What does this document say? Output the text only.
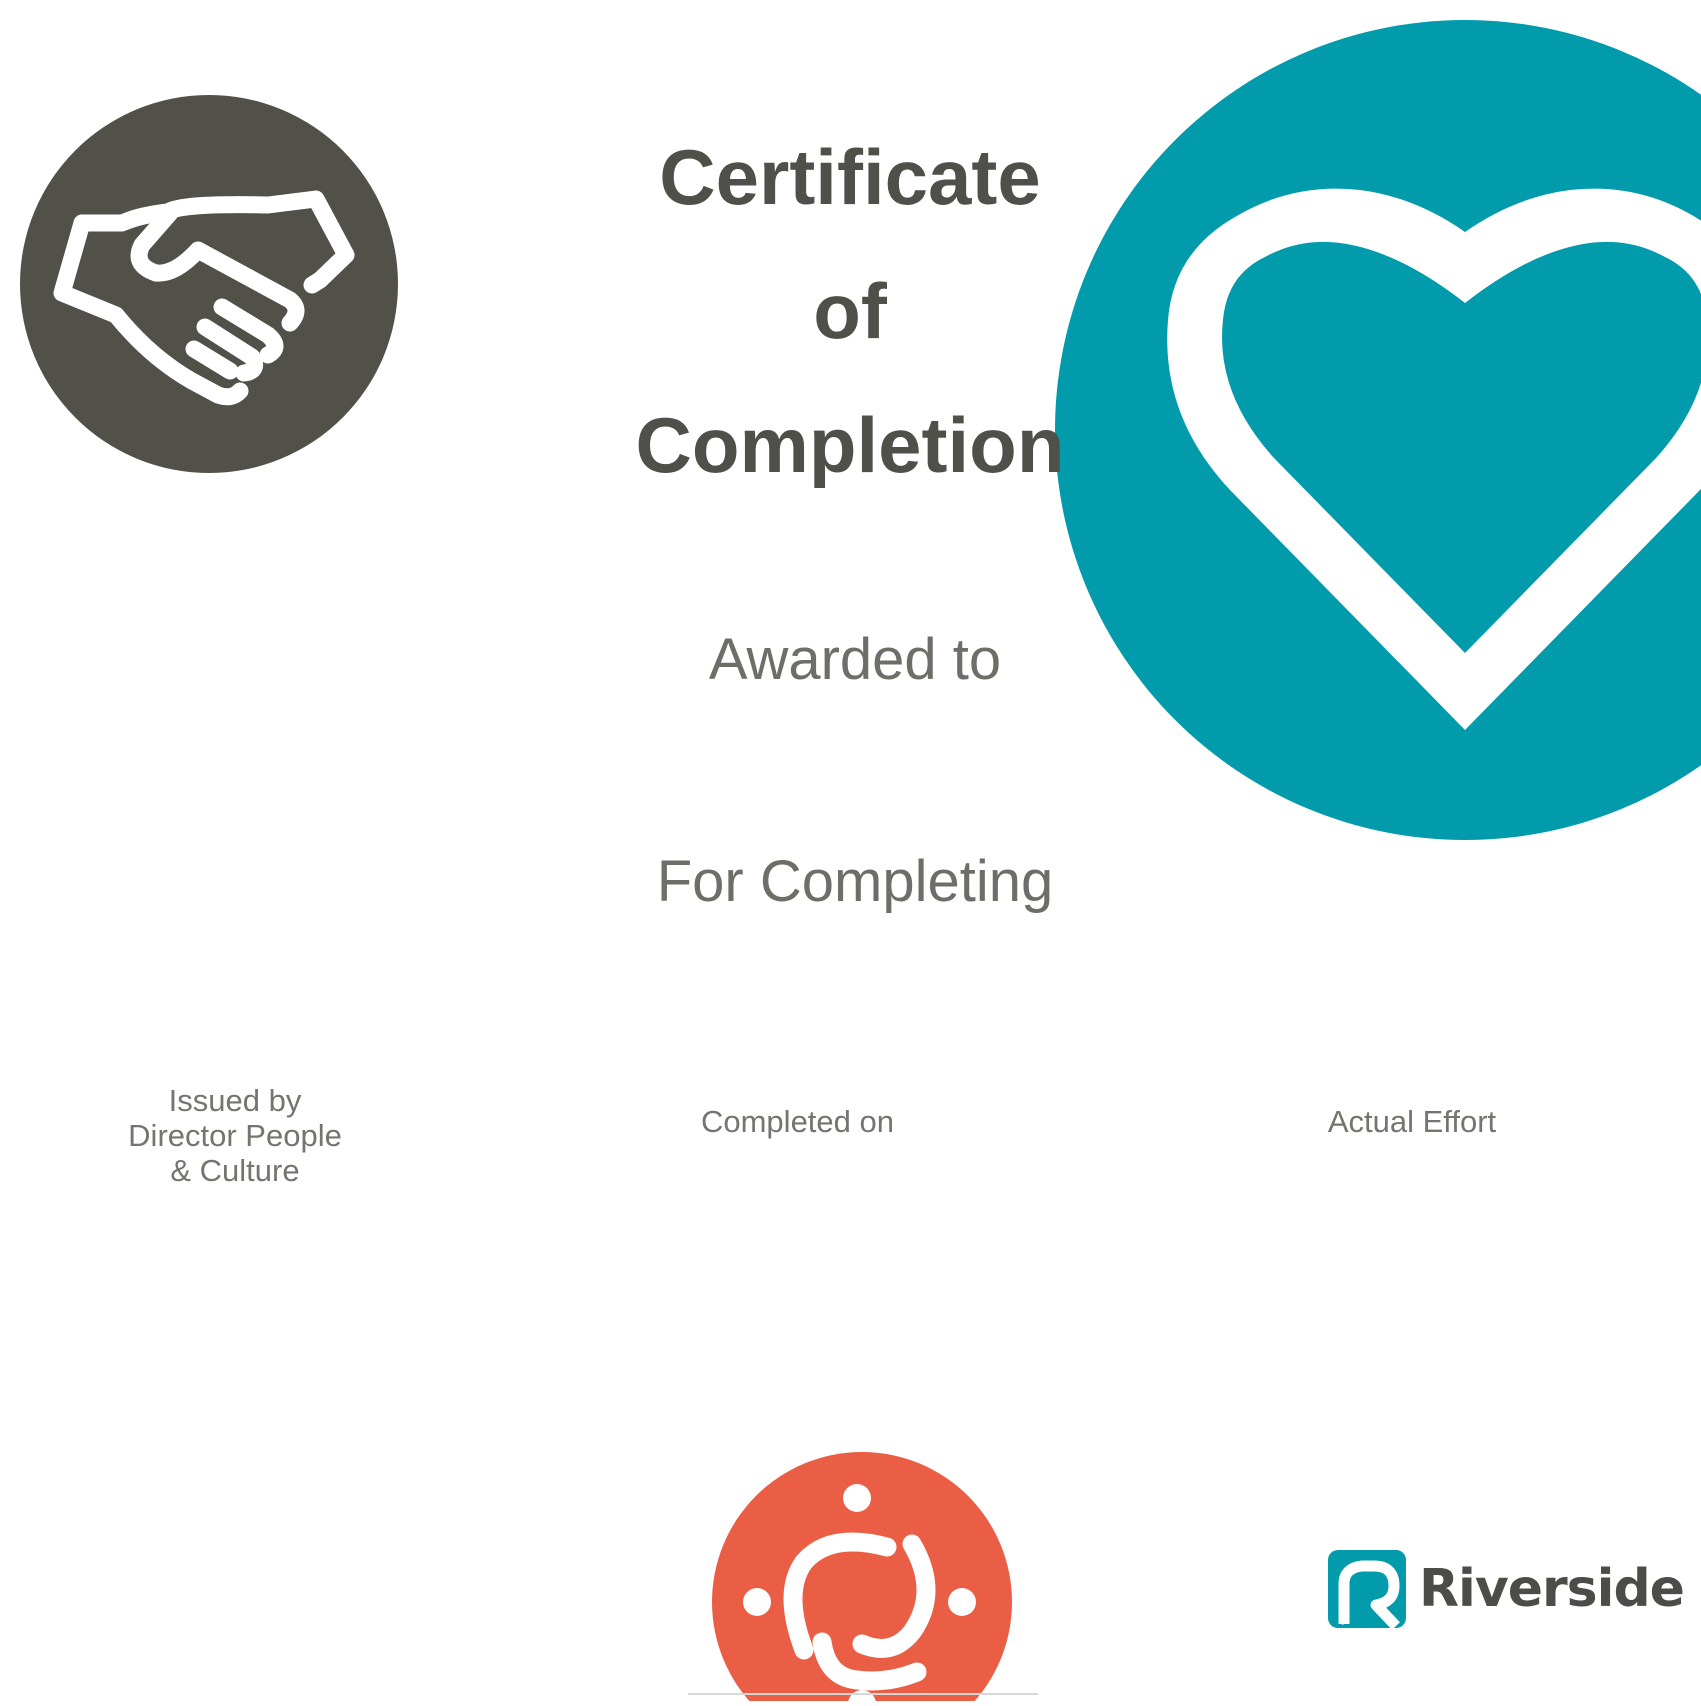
Certificate
of
Completion
Awarded to
For Completing
Issued by
Director People
& Culture
Completed on	Actual Effort
Riverside
